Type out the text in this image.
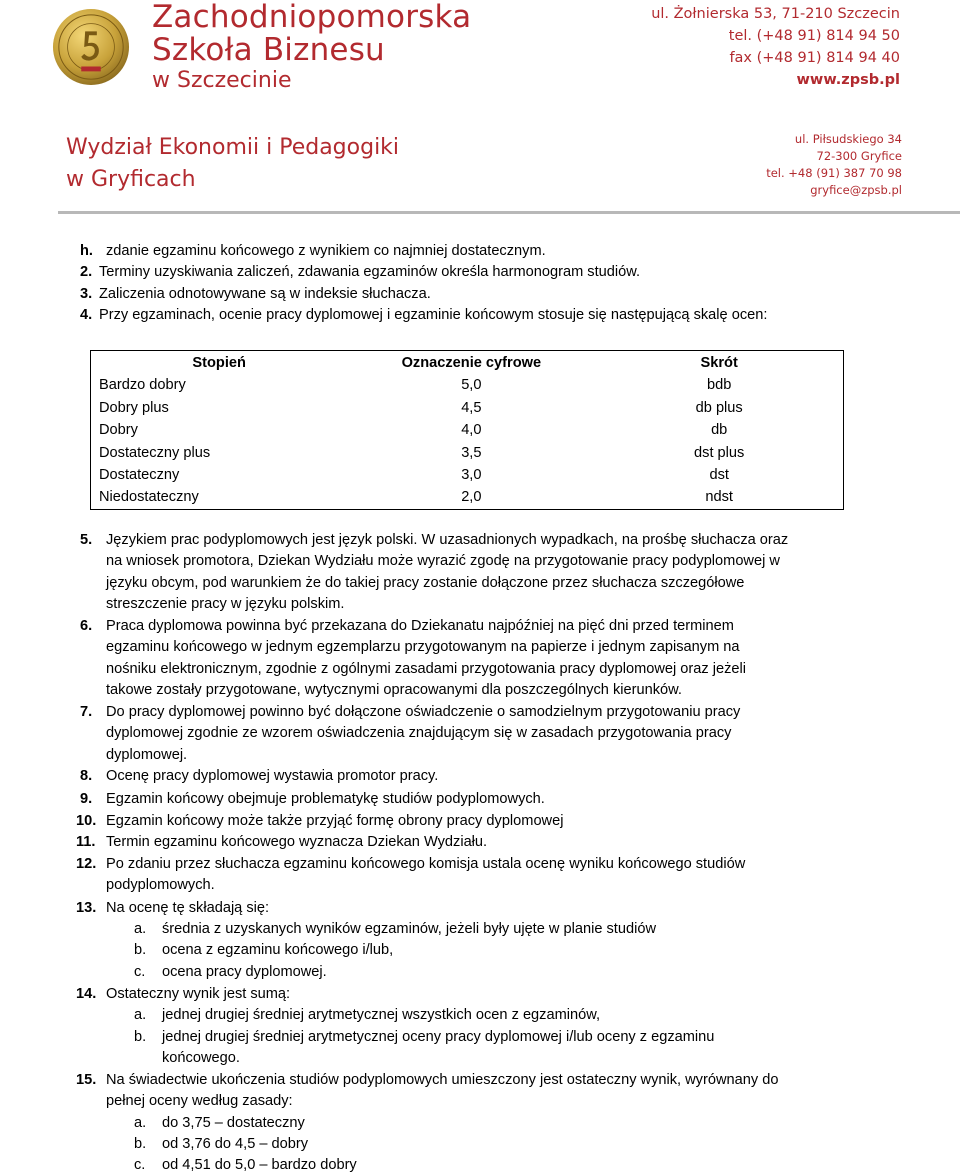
Zachodniopomorska
Szkoła Biznesu
w Szczecinie
ul. Żołnierska 53, 71-210 Szczecin
tel. (+48 91) 814 94 50
fax (+48 91) 814 94 40
www.zpsb.pl
Wydział Ekonomii i Pedagogiki
w Gryficach
ul. Piłsudskiego 34
72-300 Gryfice
tel. +48 (91) 387 70 98
gryfice@zpsb.pl
h. zdanie egzaminu końcowego z wynikiem co najmniej dostatecznym.
2. Terminy uzyskiwania zaliczeń, zdawania egzaminów określa harmonogram studiów.
3. Zaliczenia odnotowywane są w indeksie słuchacza.
4. Przy egzaminach, ocenie pracy dyplomowej i egzaminie końcowym stosuje się następującą skalę ocen:
Stopień	Oznaczenie cyfrowe	Skrót
Bardzo dobry	5,0	bdb
Dobry plus	4,5	db plus
Dobry	4,0	db
Dostateczny plus	3,5	dst plus
Dostateczny	3,0	dst
Niedostateczny	2,0	ndst
5. Językiem prac podyplomowych jest język polski. W uzasadnionych wypadkach, na prośbę słuchacza oraz
na wniosek promotora, Dziekan Wydziału może wyrazić zgodę na przygotowanie pracy podyplomowej w
języku obcym, pod warunkiem że do takiej pracy zostanie dołączone przez słuchacza szczegółowe
streszczenie pracy w języku polskim.
6. Praca dyplomowa powinna być przekazana do Dziekanatu najpóźniej na pięć dni przed terminem
egzaminu końcowego w jednym egzemplarzu przygotowanym na papierze i jednym zapisanym na
nośniku elektronicznym, zgodnie z ogólnymi zasadami przygotowania pracy dyplomowej oraz jeżeli
takowe zostały przygotowane, wytycznymi opracowanymi dla poszczególnych kierunków.
7. Do pracy dyplomowej powinno być dołączone oświadczenie o samodzielnym przygotowaniu pracy
dyplomowej zgodnie ze wzorem oświadczenia znajdującym się w zasadach przygotowania pracy
dyplomowej.
8. Ocenę pracy dyplomowej wystawia promotor pracy.
9. Egzamin końcowy obejmuje problematykę studiów podyplomowych.
10. Egzamin końcowy może także przyjąć formę obrony pracy dyplomowej
11. Termin egzaminu końcowego wyznacza Dziekan Wydziału.
12. Po zdaniu przez słuchacza egzaminu końcowego komisja ustala ocenę wyniku końcowego studiów
podyplomowych.
13. Na ocenę tę składają się:
a. średnia z uzyskanych wyników egzaminów, jeżeli były ujęte w planie studiów
b. ocena z egzaminu końcowego i/lub,
c. ocena pracy dyplomowej.
14. Ostateczny wynik jest sumą:
a. jednej drugiej średniej arytmetycznej wszystkich ocen z egzaminów,
b. jednej drugiej średniej arytmetycznej oceny pracy dyplomowej i/lub oceny z egzaminu
końcowego.
15. Na świadectwie ukończenia studiów podyplomowych umieszczony jest ostateczny wynik, wyrównany do
pełnej oceny według zasady:
a. do 3,75 – dostateczny
b. od 3,76 do 4,5 – dobry
c. od 4,51 do 5,0 – bardzo dobry
